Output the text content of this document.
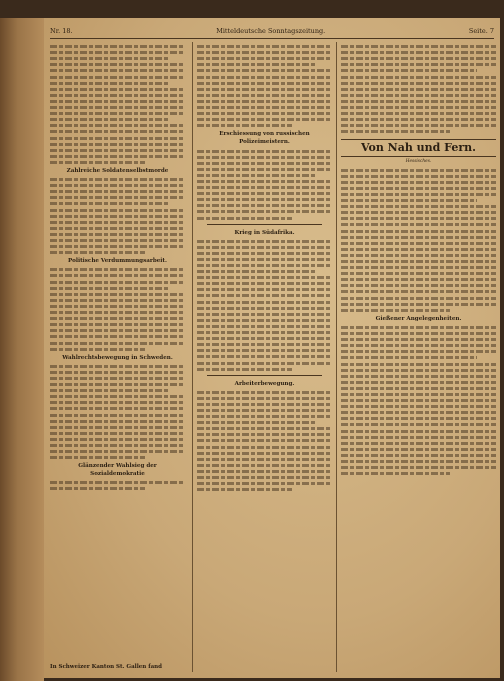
Nr. 18.	Mitteldeutsche Sonntagszeitung.	Seite. 7
Zahlreiche Soldatenselbstmorde
Politische Verdummungsarbeit.
Wahlrechtsbewegung in Schweden.
Glänzender Wahlsieg der Sozialdemokratie
Erschiessung von russischen Polizeimeistern.
Krieg in Südafrika.
Arbeiterbewegung.
Von Nah und Fern.
Hessisches.
Gießener Angelegenheiten.
In Schweizer Kanton St. Gallen fand
